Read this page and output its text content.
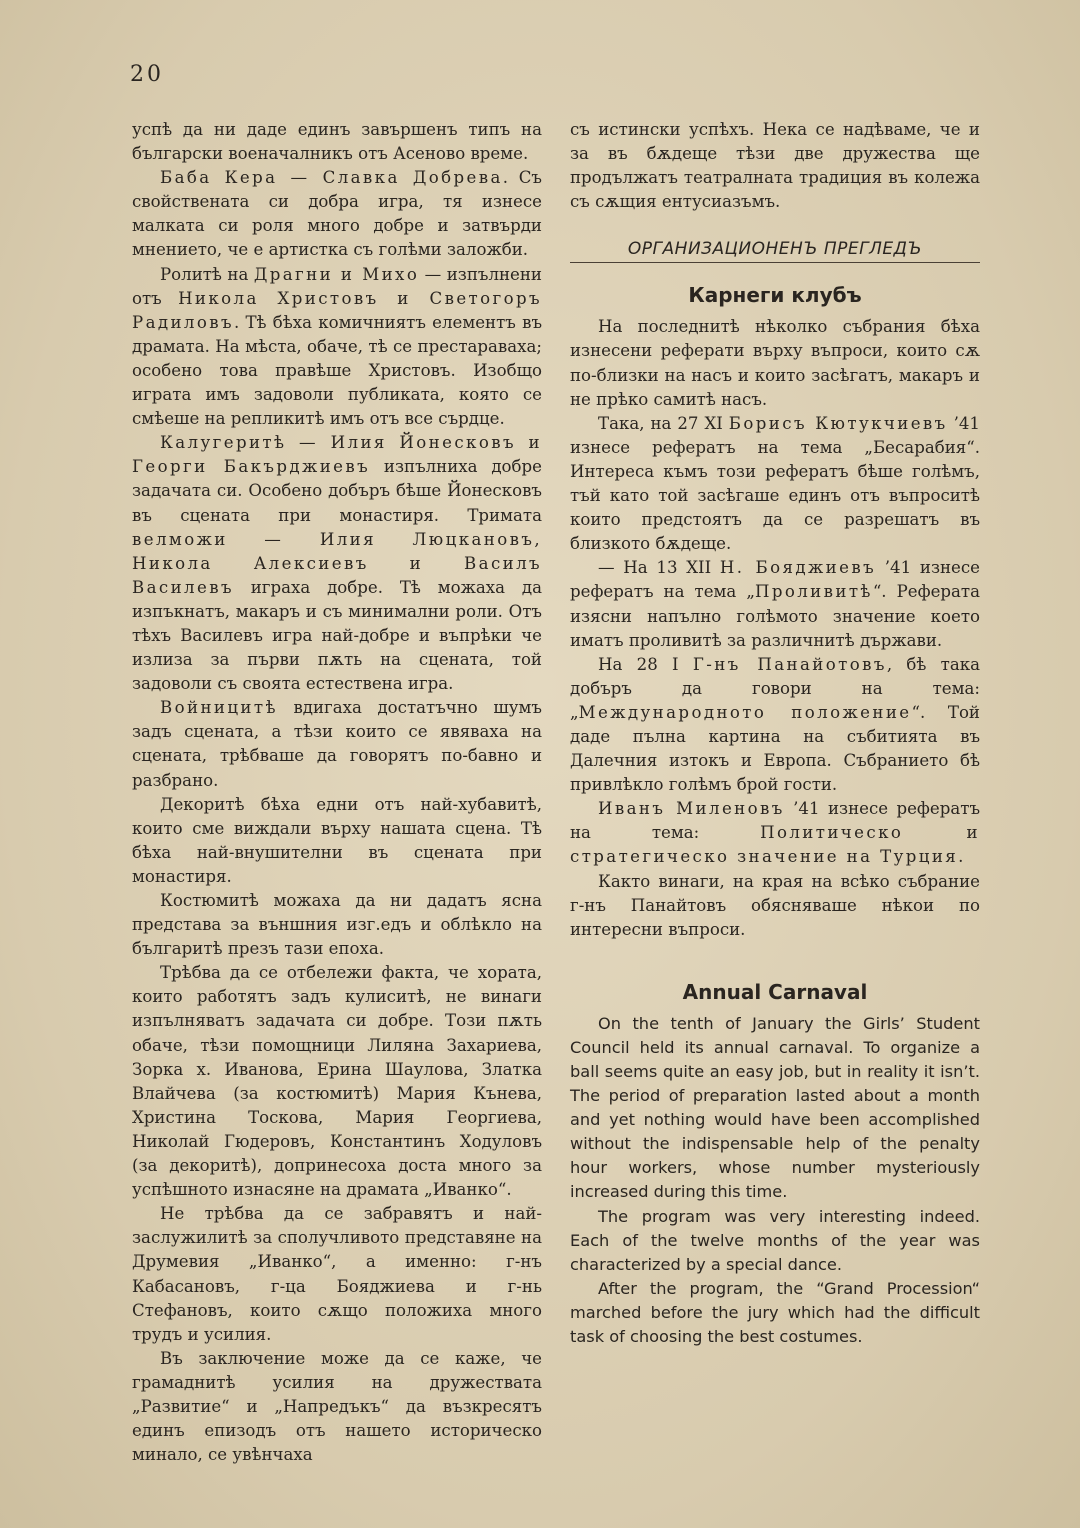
20

успѣ да ни даде единъ завършенъ типъ на български военачалникъ отъ Асеново време.

Баба Кера — Славка Добрева. Съ свойствената си добра игра, тя изнесе малката си роля много добре и затвърди мнението, че е артистка съ голѣми заложби.

Ролитѣ на Драгни и Михо — изпълнени отъ Никола Христовъ и Светогоръ Радиловъ. Тѣ бѣха комичниятъ елементъ въ драмата. На мѣста, обаче, тѣ се престараваха; особено това правѣше Христовъ. Изобщо играта имъ задоволи публиката, която се смѣеше на репликитѣ имъ отъ все сърдце.

Калугеритѣ — Илия Йонесковъ и Георги Бакърджиевъ изпълниха добре задачата си. Особено добъръ бѣше Йонесковъ въ сцената при монастиря. Тримата велможи — Илия Люцкановъ, Никола Алексиевъ и Василъ Василевъ играха добре. Тѣ можаха да изпъкнатъ, макаръ и съ минимални роли. Отъ тѣхъ Василевъ игра най-добре и въпрѣки че излиза за първи пѫть на сцената, той задоволи съ своята естествена игра.

Войницитѣ вдигаха достатъчно шумъ задъ сцената, а тѣзи които се явяваха на сцената, трѣбваше да говорятъ по-бавно и разбрано.

Декоритѣ бѣха едни отъ най-хубавитѣ, които сме виждали върху нашата сцена. Тѣ бѣха най-внушителни въ сцената при монастиря.

Костюмитѣ можаха да ни дадатъ ясна представа за външния изг.едъ и облѣкло на българитѣ презъ тази епоха.

Трѣбва да се отбележи факта, че хората, които работятъ задъ кулиситѣ, не винаги изпълняватъ задачата си добре. Този пѫть обаче, тѣзи помощници Лиляна Захариева, Зорка х. Иванова, Ерина Шаулова, Златка Влайчева (за костюмитѣ) Мария Кънева, Христина Тоскова, Мария Георгиева, Николай Гюдеровъ, Константинъ Ходуловъ (за декоритѣ), допринесоха доста много за успѣшното изнасяне на драмата „Иванко“.

Не трѣбва да се забравятъ и най-заслужилитѣ за сполучливото представяне на Друмевия „Иванко“, а именно: г-нъ Кабасановъ, г-ца Бояджиева и г-нь Стефановъ, които сѫщо положиха много трудъ и усилия.

Въ заключение може да се каже, че грамаднитѣ усилия на дружествата „Развитие“ и „Напредъкъ“ да възкресятъ единъ епизодъ отъ нашето историческо минало, се увѣнчаха

съ истински успѣхъ. Нека се надѣваме, че и за въ бѫдеще тѣзи две дружества ще продължатъ театралната традиция въ колежа съ сѫщия ентусиазъмъ.

ОРГАНИЗАЦИОНЕНЪ ПРЕГЛЕДЪ
Карнеги клубъ

На последнитѣ нѣколко събрания бѣха изнесени реферати върху въпроси, които сѫ по-близки на насъ и които засѣгатъ, макаръ и не прѣко самитѣ насъ.

Така, на 27 XI Борисъ Кютукчиевъ ’41 изнесе рефератъ на тема „Бесарабия“. Интереса къмъ този рефератъ бѣше голѣмъ, тъй като той засѣгаше единъ отъ въпроситѣ които предстоятъ да се разрешатъ въ близкото бѫдеще.

— На 13 XII Н. Бояджиевъ ’41 изнесе рефератъ на тема „Проливитѣ“. Реферата изясни напълно голѣмото значение което иматъ проливитѣ за различнитѣ държави.

На 28 I Г-нъ Панайотовъ, бѣ така добъръ да говори на тема: „Международното положение“. Той даде пълна картина на събитията въ Далечния изтокъ и Европа. Събранието бѣ привлѣкло голѣмъ брой гости.

Иванъ Миленовъ ’41 изнесе рефератъ на тема: Политическо и стратегическо значение на Турция.

Както винаги, на края на всѣко събрание г-нъ Панайтовъ обясняваше нѣкои по интересни въпроси.

Annual Carnaval

On the tenth of January the Girls’ Student Council held its annual carnaval. To organize a ball seems quite an easy job, but in reality it isn’t. The period of preparation lasted about a month and yet nothing would have been accomplished without the indispensable help of the penalty hour workers, whose number mysteriously increased during this time.

The program was very interesting indeed. Each of the twelve months of the year was characterized by a special dance.

After the program, the “Grand Procession“ marched before the jury which had the difficult task of choosing the best costumes.
